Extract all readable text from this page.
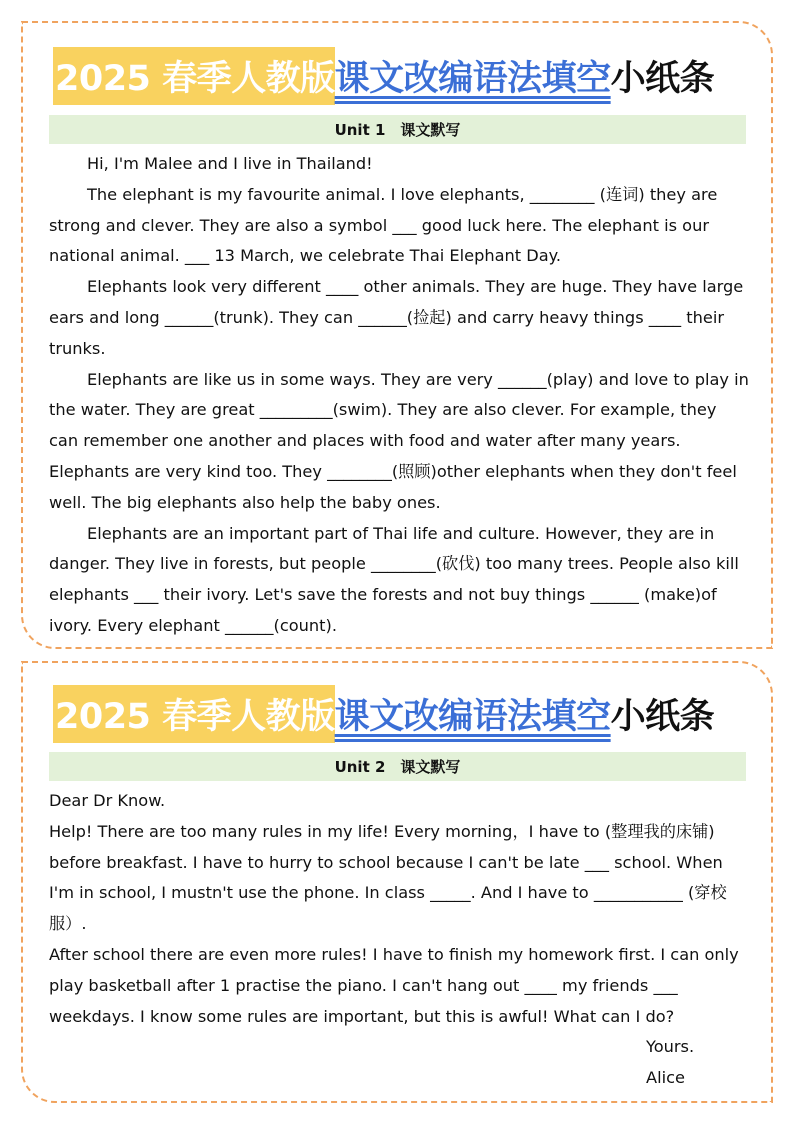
2025 春季人教版 课文改编语法填空 小纸条
Unit 1　课文默写

Hi, I'm Malee and I live in Thailand!

The elephant is my favourite animal. I love elephants, ________ (连词) they are strong and clever. They are also a symbol ___ good luck here. The elephant is our national animal. ___ 13 March, we celebrate Thai Elephant Day.

Elephants look very different ____ other animals. They are huge. They have large ears and long ______(trunk). They can ______(捡起) and carry heavy things ____ their trunks.

Elephants are like us in some ways. They are very ______(play) and love to play in the water. They are great _________(swim). They are also clever. For example, they can remember one another and places with food and water after many years. Elephants are very kind too. They ________(照顾)other elephants when they don't feel well. The big elephants also help the baby ones.

Elephants are an important part of Thai life and culture. However, they are in danger. They live in forests, but people ________(砍伐) too many trees. People also kill elephants ___ their ivory. Let's save the forests and not buy things ______ (make)of ivory. Every elephant ______(count).

2025 春季人教版 课文改编语法填空 小纸条
Unit 2　课文默写

Dear Dr Know.

Help! There are too many rules in my life! Every morning，I have to (整理我的床铺) before breakfast. I have to hurry to school because I can't be late ___ school. When I'm in school, I mustn't use the phone. In class _____. And I have to ___________ (穿校服）.

After school there are even more rules! I have to finish my homework first. I can only play basketball after 1 practise the piano. I can't hang out ____ my friends ___ weekdays. I know some rules are important, but this is awful! What can I do?

Yours.

Alice
